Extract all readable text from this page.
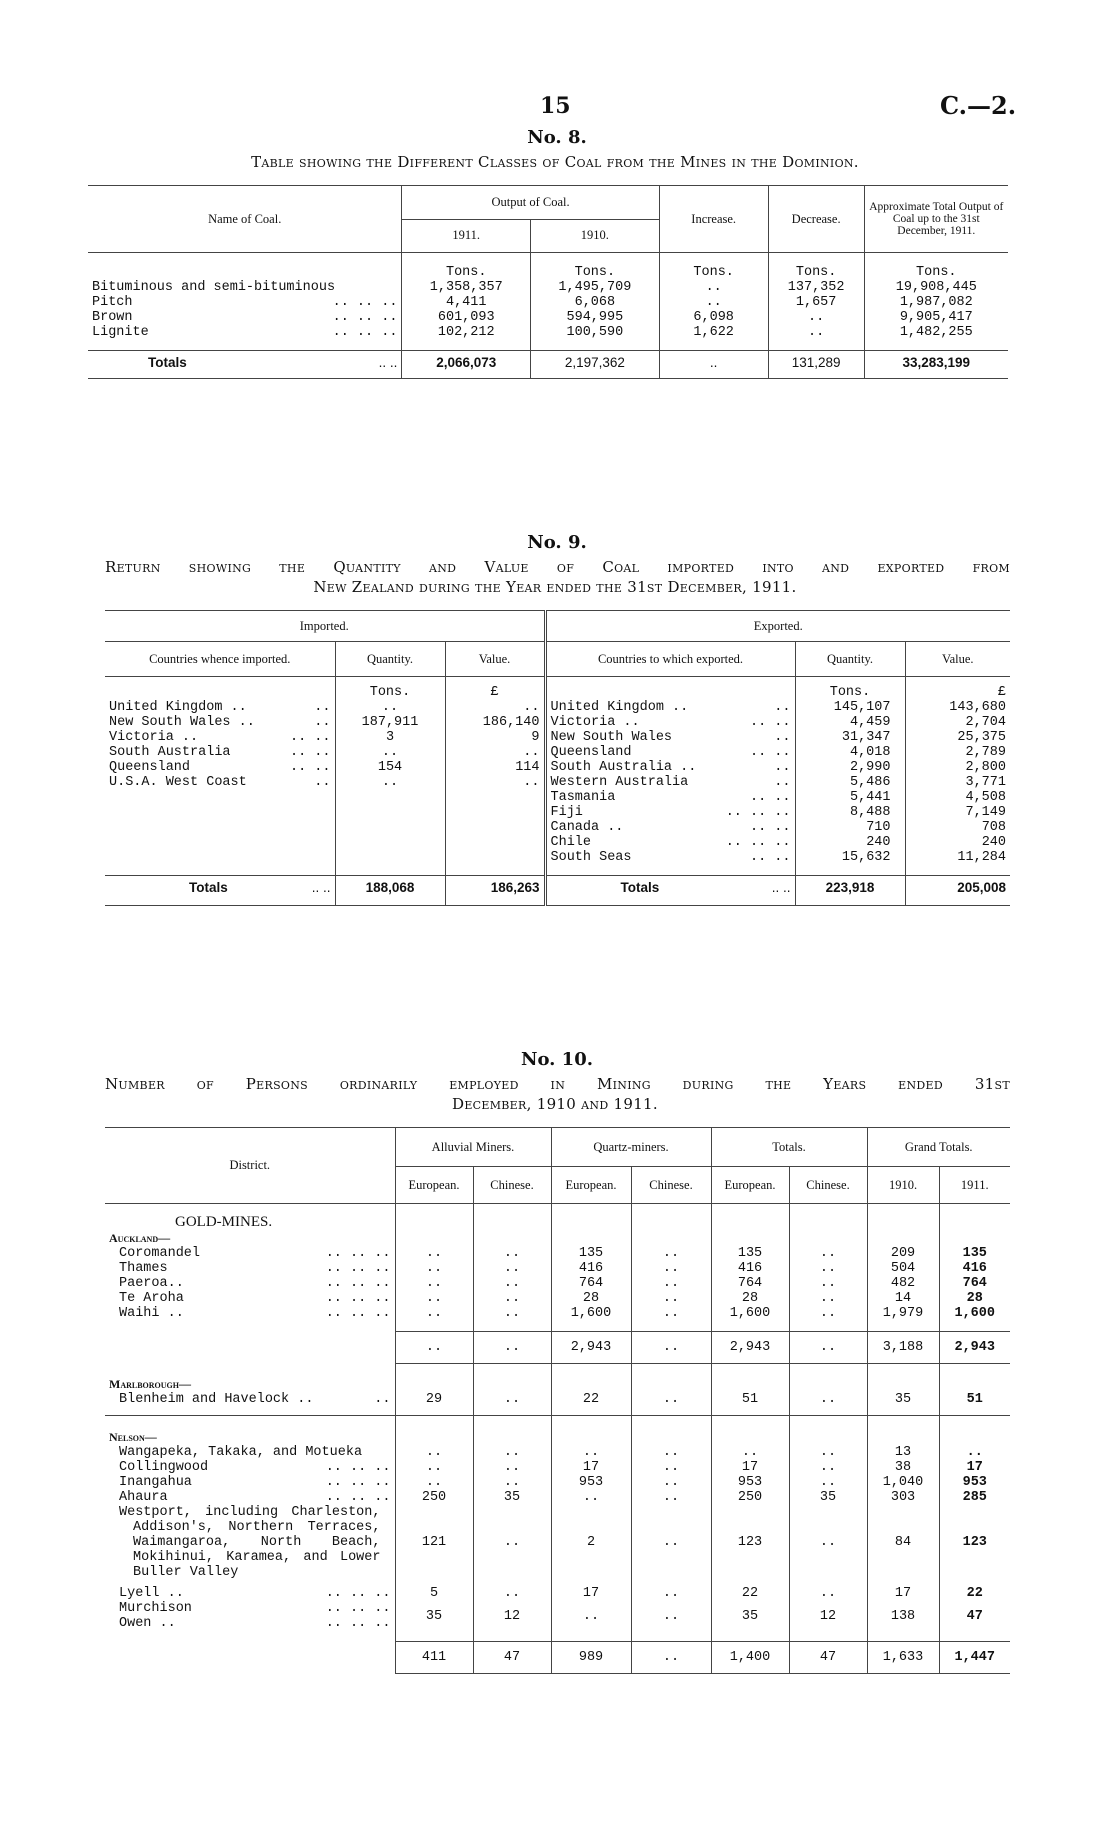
15	C.—2.
No. 8.
Table showing the Different Classes of Coal from the Mines in the Dominion.
Name of Coal.	Output of Coal.		Increase.	Decrease.	Approximate Total Output of Coal up to the 31st December, 1911.
	1911.	1910.			

	Tons.	Tons.	Tons.	Tons.	Tons.
Bituminous and semi-bituminous	1,358,357	1,495,709	..	137,352	19,908,445
Pitch .. .. ..	4,411	6,068	..	1,657	1,987,082
Brown .. .. ..	601,093	594,995	6,098	..	9,905,417
Lignite .. .. ..	102,212	100,590	1,622	..	1,482,255

Totals .. ..	2,066,073	2,197,362	..	131,289	33,283,199
No. 9.
Return showing the Quantity and Value of Coal imported into and exported from
New Zealand during the Year ended the 31st December, 1911.
Imported.			Exported.		
Countries whence imported.	Quantity.	Value.	Countries to which exported.	Quantity.	Value.

	Tons.	£		Tons.	£
United Kingdom .. ..	..	..	United Kingdom .. ..	145,107	143,680
New South Wales .. ..	187,911	186,140	Victoria .. .. ..	4,459	2,704
Victoria .. .. ..	3	9	New South Wales ..	31,347	25,375
South Australia .. ..	..	..	Queensland .. ..	4,018	2,789
Queensland .. ..	154	114	South Australia .. ..	2,990	2,800
U.S.A. West Coast ..	..	..	Western Australia ..	5,486	3,771
			Tasmania .. ..	5,441	4,508
			Fiji .. .. ..	8,488	7,149
			Canada .. .. ..	710	708
			Chile .. .. ..	240	240
			South Seas .. ..	15,632	11,284

Totals .. ..	188,068	186,263	Totals .. ..	223,918	205,008
No. 10.
Number of Persons ordinarily employed in Mining during the Years ended 31st
December, 1910 and 1911.
District.	Alluvial Miners.		Quartz-miners.		Totals.		Grand Totals.	
	European.	Chinese.	European.	Chinese.	European.	Chinese.	1910.	1911.

GOLD-MINES.								
Auckland—								
Coromandel .. .. ..	..	..	135	..	135	..	209	135
Thames .. .. ..	..	..	416	..	416	..	504	416
Paeroa.. .. .. ..	..	..	764	..	764	..	482	764
Te Aroha .. .. ..	..	..	28	..	28	..	14	28
Waihi .. .. .. ..	..	..	1,600	..	1,600	..	1,979	1,600

	..	..	2,943	..	2,943	..	3,188	2,943

Marlborough—								
Blenheim and Havelock .. ..	29	..	22	..	51	..	35	51

Nelson—								
Wangapeka, Takaka, and Motueka	..	..	..	..	..	..	13	..
Collingwood .. .. ..	..	..	17	..	17	..	38	17
Inangahua .. .. ..	..	..	953	..	953	..	1,040	953
Ahaura .. .. ..	250	35	..	..	250	35	303	285

Westport, including Charleston,
Addison's, Northern Terraces,
Waimangaroa, North Beach,
Mokihinui, Karamea, and Lower
Buller Valley	121	..	2	..	123	..	84	123
Lyell .. .. .. ..	5	..	17	..	22	..	17	22
Murchison .. .. ..	35	12	..	..	35	12	138	47
Owen .. .. .. ..								

	411	47	989	..	1,400	47	1,633	1,447
